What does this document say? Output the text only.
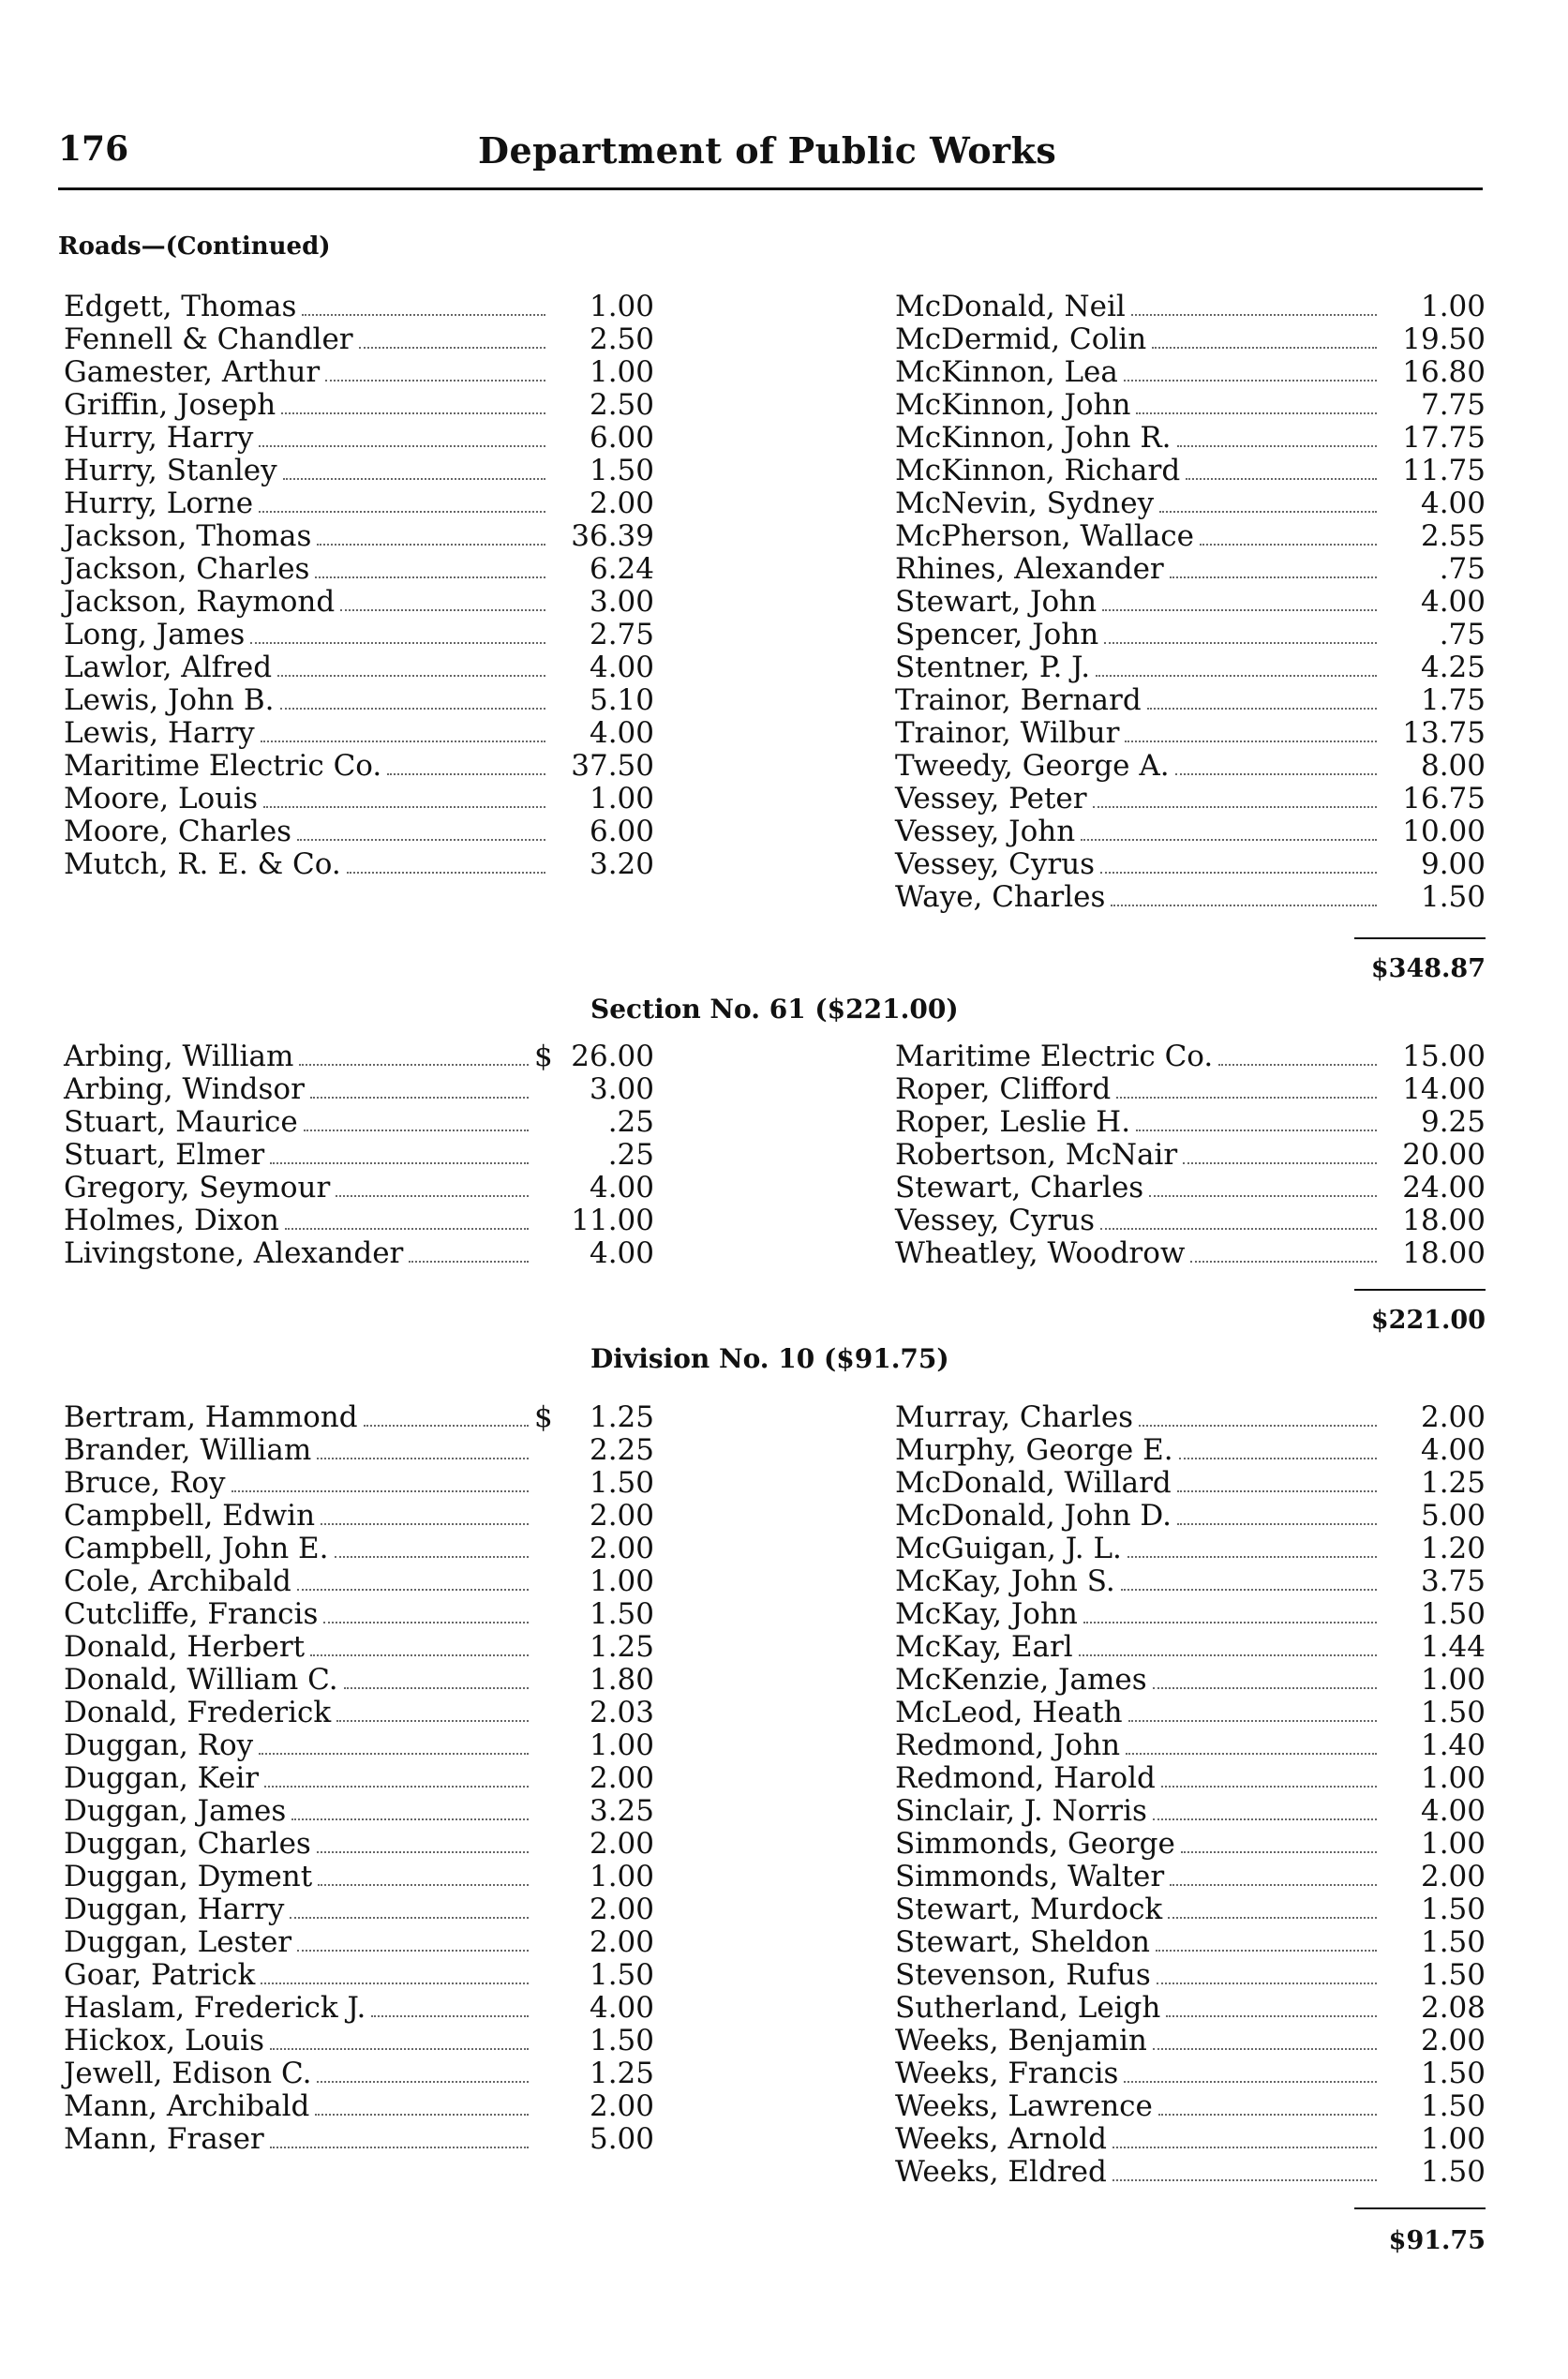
176	Department of Public Works
Roads—(Continued)
Edgett, Thomas	1.00
Fennell & Chandler	2.50
Gamester, Arthur	1.00
Griffin, Joseph	2.50
Hurry, Harry	6.00
Hurry, Stanley	1.50
Hurry, Lorne	2.00
Jackson, Thomas	36.39
Jackson, Charles	6.24
Jackson, Raymond	3.00
Long, James	2.75
Lawlor, Alfred	4.00
Lewis, John B.	5.10
Lewis, Harry	4.00
Maritime Electric Co.	37.50
Moore, Louis	1.00
Moore, Charles	6.00
Mutch, R. E. & Co.	3.20
McDonald, Neil	1.00
McDermid, Colin	19.50
McKinnon, Lea	16.80
McKinnon, John	7.75
McKinnon, John R.	17.75
McKinnon, Richard	11.75
McNevin, Sydney	4.00
McPherson, Wallace	2.55
Rhines, Alexander	.75
Stewart, John	4.00
Spencer, John	.75
Stentner, P. J.	4.25
Trainor, Bernard	1.75
Trainor, Wilbur	13.75
Tweedy, George A.	8.00
Vessey, Peter	16.75
Vessey, John	10.00
Vessey, Cyrus	9.00
Waye, Charles	1.50
$348.87
Section No. 61 ($221.00)
Arbing, William	$ 26.00
Arbing, Windsor	3.00
Stuart, Maurice	.25
Stuart, Elmer	.25
Gregory, Seymour	4.00
Holmes, Dixon	11.00
Livingstone, Alexander	4.00
Maritime Electric Co.	15.00
Roper, Clifford	14.00
Roper, Leslie H.	9.25
Robertson, McNair	20.00
Stewart, Charles	24.00
Vessey, Cyrus	18.00
Wheatley, Woodrow	18.00
$221.00
Division No. 10 ($91.75)
Bertram, Hammond	$	1.25
Brander, William	2.25
Bruce, Roy	1.50
Campbell, Edwin	2.00
Campbell, John E.	2.00
Cole, Archibald	1.00
Cutcliffe, Francis	1.50
Donald, Herbert	1.25
Donald, William C.	1.80
Donald, Frederick	2.03
Duggan, Roy	1.00
Duggan, Keir	2.00
Duggan, James	3.25
Duggan, Charles	2.00
Duggan, Dyment	1.00
Duggan, Harry	2.00
Duggan, Lester	2.00
Goar, Patrick	1.50
Haslam, Frederick J.	4.00
Hickox, Louis	1.50
Jewell, Edison C.	1.25
Mann, Archibald	2.00
Mann, Fraser	5.00
Murray, Charles	2.00
Murphy, George E.	4.00
McDonald, Willard	1.25
McDonald, John D.	5.00
McGuigan, J. L.	1.20
McKay, John S.	3.75
McKay, John	1.50
McKay, Earl	1.44
McKenzie, James	1.00
McLeod, Heath	1.50
Redmond, John	1.40
Redmond, Harold	1.00
Sinclair, J. Norris	4.00
Simmonds, George	1.00
Simmonds, Walter	2.00
Stewart, Murdock	1.50
Stewart, Sheldon	1.50
Stevenson, Rufus	1.50
Sutherland, Leigh	2.08
Weeks, Benjamin	2.00
Weeks, Francis	1.50
Weeks, Lawrence	1.50
Weeks, Arnold	1.00
Weeks, Eldred	1.50
$91.75
